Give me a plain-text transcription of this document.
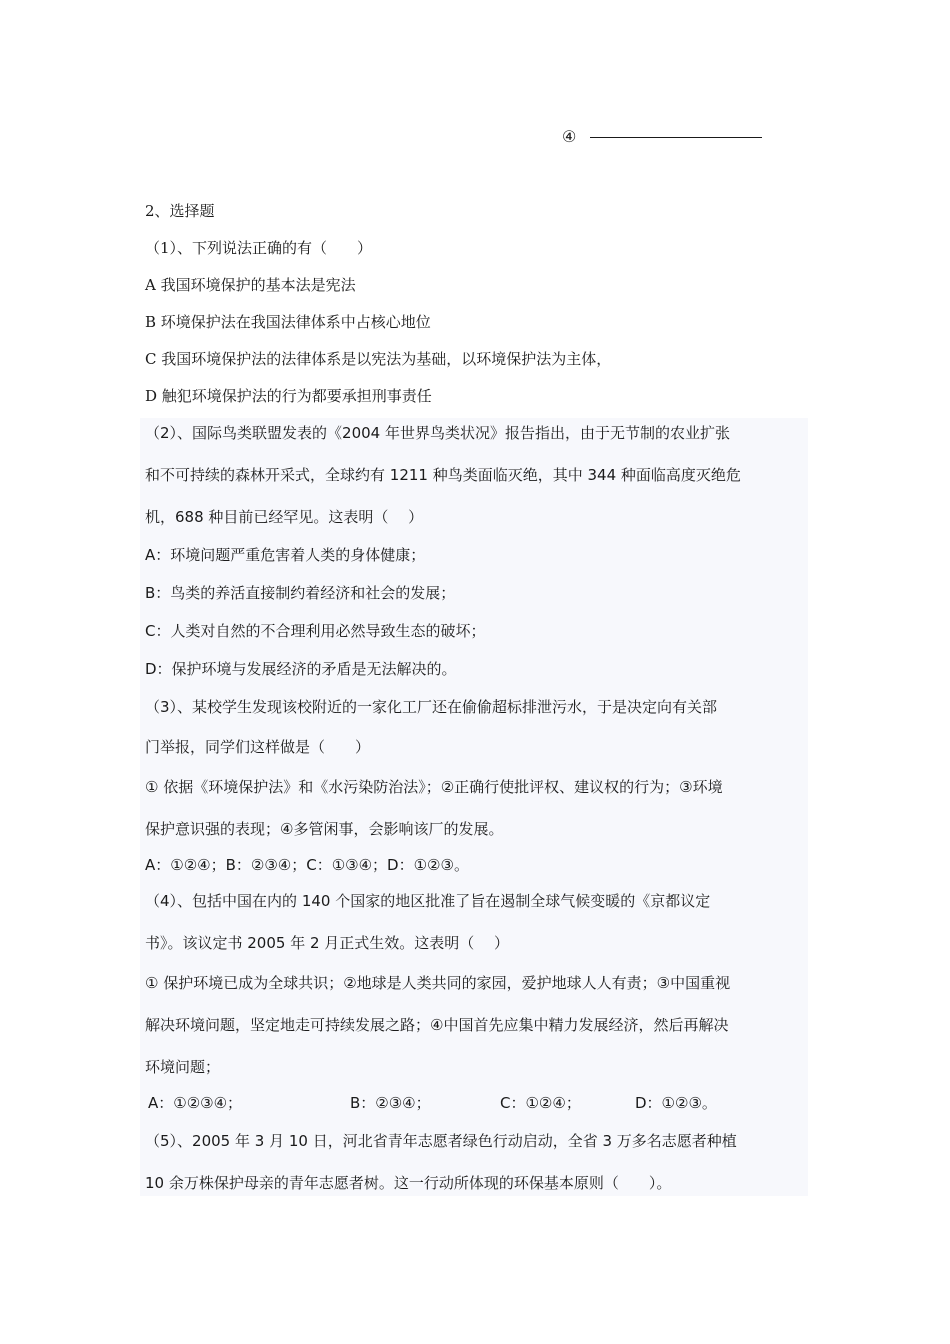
④
2、选择题
（1）、下列说法正确的有（　　）
A 我国环境保护的基本法是宪法
B 环境保护法在我国法律体系中占核心地位
C 我国环境保护法的法律体系是以宪法为基础，以环境保护法为主体，
D 触犯环境保护法的行为都要承担刑事责任
（2）、国际鸟类联盟发表的《2004 年世界鸟类状况》报告指出，由于无节制的农业扩张
和不可持续的森林开采式，全球约有 1211 种鸟类面临灭绝，其中 344 种面临高度灭绝危
机，688 种目前已经罕见。这表明（　 ）
A：环境问题严重危害着人类的身体健康；
B：鸟类的养活直接制约着经济和社会的发展；
C：人类对自然的不合理利用必然导致生态的破坏；
D：保护环境与发展经济的矛盾是无法解决的。
（3）、某校学生发现该校附近的一家化工厂还在偷偷超标排泄污水，于是决定向有关部
门举报，同学们这样做是（　　）
① 依据《环境保护法》和《水污染防治法》；②正确行使批评权、建议权的行为；③环境
保护意识强的表现；④多管闲事，会影响该厂的发展。
A：①②④；B：②③④；C：①③④；D：①②③。
（4）、包括中国在内的 140 个国家的地区批准了旨在遏制全球气候变暖的《京都议定
书》。该议定书 2005 年 2 月正式生效。这表明（　 ）
① 保护环境已成为全球共识；②地球是人类共同的家园，爱护地球人人有责；③中国重视
解决环境问题，坚定地走可持续发展之路；④中国首先应集中精力发展经济，然后再解决
环境问题；
A：①②③④；	B：②③④；	C：①②④；	D：①②③。
（5）、2005 年 3 月 10 日，河北省青年志愿者绿色行动启动，全省 3 万多名志愿者种植
10 余万株保护母亲的青年志愿者树。这一行动所体现的环保基本原则（　　）。
